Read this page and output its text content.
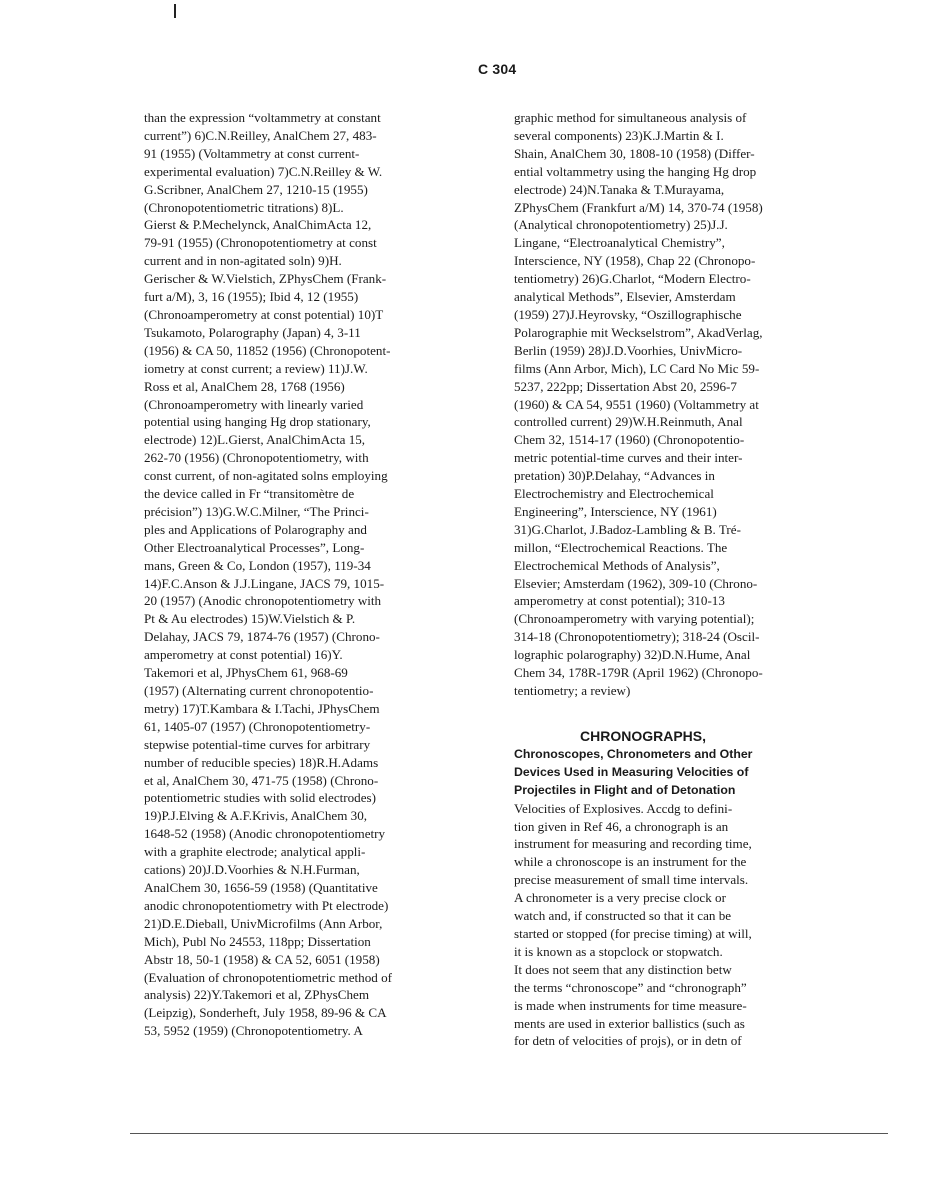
C 304
than the expression “voltammetry at constant
current”) 6)C.N.Reilley, AnalChem 27, 483-
91 (1955) (Voltammetry at const current-
experimental evaluation) 7)C.N.Reilley & W.
G.Scribner, AnalChem 27, 1210-15 (1955)
(Chronopotentiometric titrations) 8)L.
Gierst & P.Mechelynck, AnalChimActa 12,
79-91 (1955) (Chronopotentiometry at const
current and in non-agitated soln) 9)H.
Gerischer & W.Vielstich, ZPhysChem (Frank-
furt a/M), 3, 16 (1955); Ibid 4, 12 (1955)
(Chronoamperometry at const potential) 10)T
Tsukamoto, Polarography (Japan) 4, 3-11
(1956) & CA 50, 11852 (1956) (Chronopotent-
iometry at const current; a review) 11)J.W.
Ross et al, AnalChem 28, 1768 (1956)
(Chronoamperometry with linearly varied
potential using hanging Hg drop stationary,
electrode) 12)L.Gierst, AnalChimActa 15,
262-70 (1956) (Chronopotentiometry, with
const current, of non-agitated solns employing
the device called in Fr “transitomètre de
précision”) 13)G.W.C.Milner, “The Princi-
ples and Applications of Polarography and
Other Electroanalytical Processes”, Long-
mans, Green & Co, London (1957), 119-34
14)F.C.Anson & J.J.Lingane, JACS 79, 1015-
20 (1957) (Anodic chronopotentiometry with
Pt & Au electrodes) 15)W.Vielstich & P.
Delahay, JACS 79, 1874-76 (1957) (Chrono-
amperometry at const potential) 16)Y.
Takemori et al, JPhysChem 61, 968-69
(1957) (Alternating current chronopotentio-
metry) 17)T.Kambara & I.Tachi, JPhysChem
61, 1405-07 (1957) (Chronopotentiometry-
stepwise potential-time curves for arbitrary
number of reducible species) 18)R.H.Adams
et al, AnalChem 30, 471-75 (1958) (Chrono-
potentiometric studies with solid electrodes)
19)P.J.Elving & A.F.Krivis, AnalChem 30,
1648-52 (1958) (Anodic chronopotentiometry
with a graphite electrode; analytical appli-
cations) 20)J.D.Voorhies & N.H.Furman,
AnalChem 30, 1656-59 (1958) (Quantitative
anodic chronopotentiometry with Pt electrode)
21)D.E.Dieball, UnivMicrofilms (Ann Arbor,
Mich), Publ No 24553, 118pp; Dissertation
Abstr 18, 50-1 (1958) & CA 52, 6051 (1958)
(Evaluation of chronopotentiometric method of
analysis) 22)Y.Takemori et al, ZPhysChem
(Leipzig), Sonderheft, July 1958, 89-96 & CA
53, 5952 (1959) (Chronopotentiometry. A
graphic method for simultaneous analysis of
several components) 23)K.J.Martin & I.
Shain, AnalChem 30, 1808-10 (1958) (Differ-
ential voltammetry using the hanging Hg drop
electrode) 24)N.Tanaka & T.Murayama,
ZPhysChem (Frankfurt a/M) 14, 370-74 (1958)
(Analytical chronopotentiometry) 25)J.J.
Lingane, “Electroanalytical Chemistry”,
Interscience, NY (1958), Chap 22 (Chronopo-
tentiometry) 26)G.Charlot, “Modern Electro-
analytical Methods”, Elsevier, Amsterdam
(1959) 27)J.Heyrovsky, “Oszillographische
Polarographie mit Weckselstrom”, AkadVerlag,
Berlin (1959) 28)J.D.Voorhies, UnivMicro-
films (Ann Arbor, Mich), LC Card No Mic 59-
5237, 222pp; Dissertation Abst 20, 2596-7
(1960) & CA 54, 9551 (1960) (Voltammetry at
controlled current) 29)W.H.Reinmuth, Anal
Chem 32, 1514-17 (1960) (Chronopotentio-
metric potential-time curves and their inter-
pretation) 30)P.Delahay, “Advances in
Electrochemistry and Electrochemical
Engineering”, Interscience, NY (1961)
31)G.Charlot, J.Badoz-Lambling & B. Tré-
millon, “Electrochemical Reactions. The
Electrochemical Methods of Analysis”,
Elsevier; Amsterdam (1962), 309-10 (Chrono-
amperometry at const potential); 310-13
(Chronoamperometry with varying potential);
314-18 (Chronopotentiometry); 318-24 (Oscil-
lographic polarography) 32)D.N.Hume, Anal
Chem 34, 178R-179R (April 1962) (Chronopo-
tentiometry; a review)
CHRONOGRAPHS,
Chronoscopes, Chronometers and Other
Devices Used in Measuring Velocities of
Projectiles in Flight and of Detonation
Velocities of Explosives. Accdg to defini-
tion given in Ref 46, a chronograph is an
instrument for measuring and recording time,
while a chronoscope is an instrument for the
precise measurement of small time intervals.
A chronometer is a very precise clock or
watch and, if constructed so that it can be
started or stopped (for precise timing) at will,
it is known as a stopclock or stopwatch.
It does not seem that any distinction betw
the terms “chronoscope” and “chronograph”
is made when instruments for time measure-
ments are used in exterior ballistics (such as
for detn of velocities of projs), or in detn of
